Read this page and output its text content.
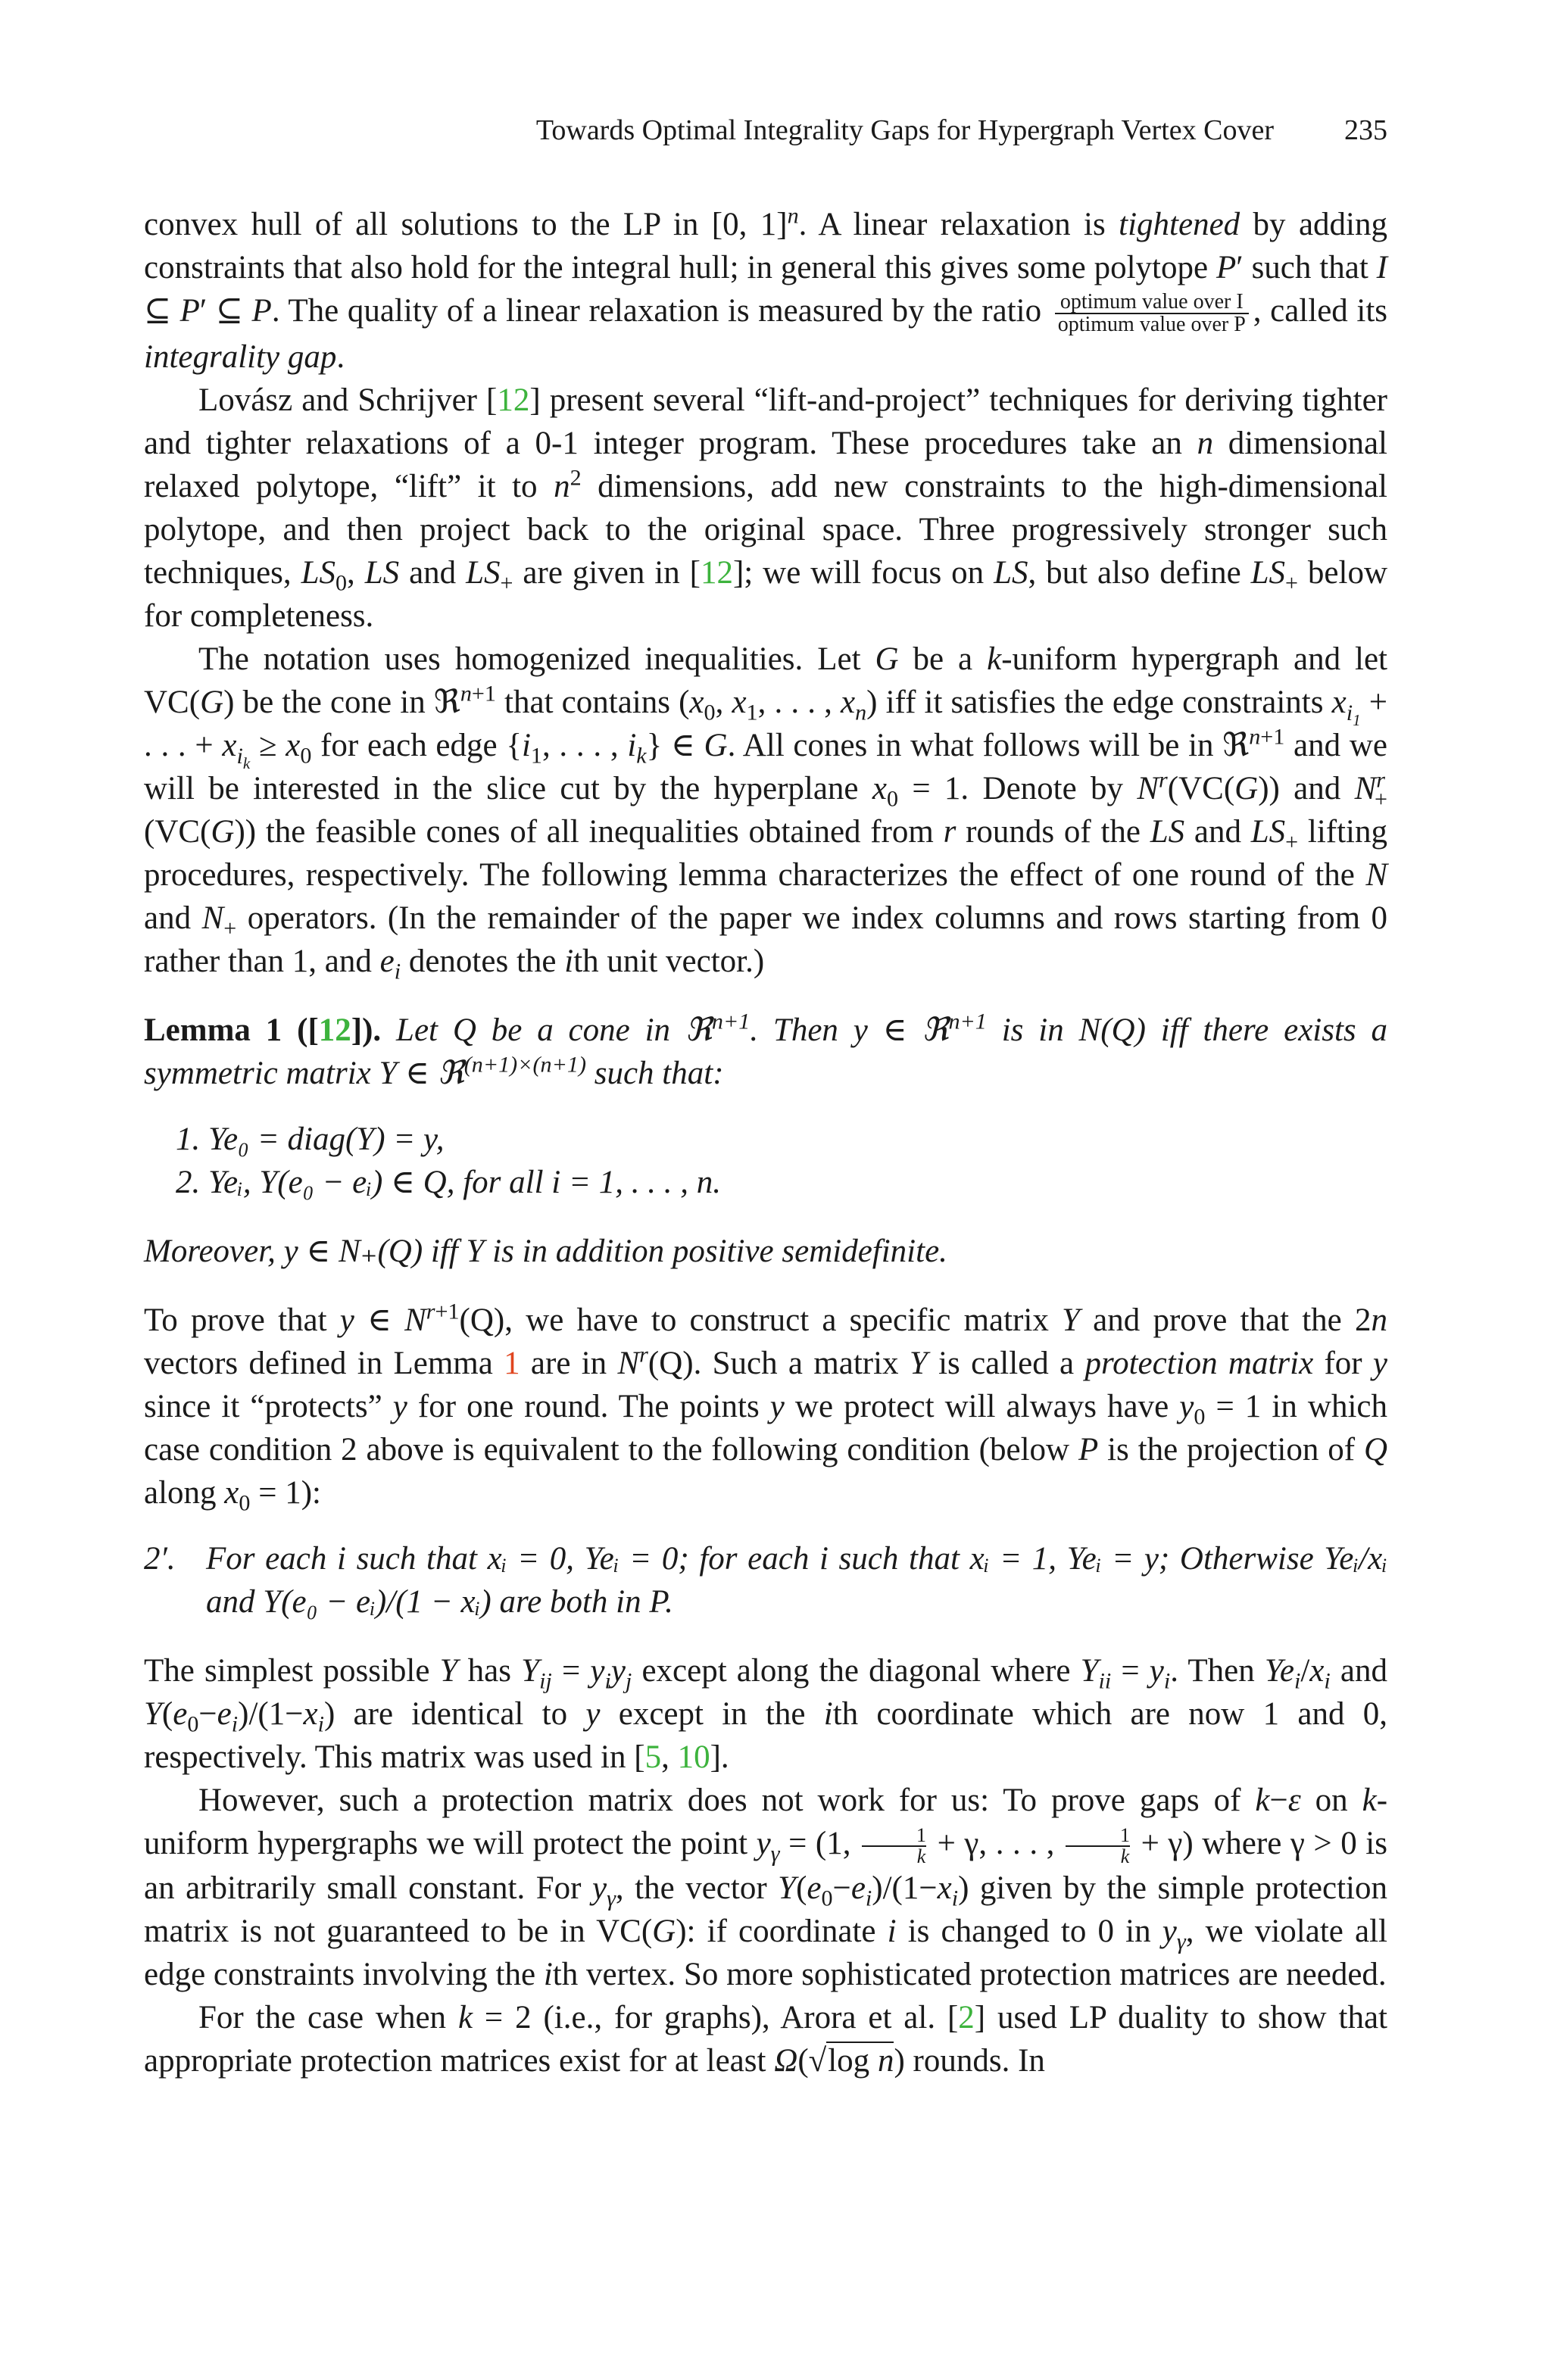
Towards Optimal Integrality Gaps for Hypergraph Vertex Cover 235

convex hull of all solutions to the LP in [0, 1]$^n$. A linear relaxation is tightened by adding constraints that also hold for the integral hull; in general this gives some polytope P′ such that I ⊆ P′ ⊆ P. The quality of a linear relaxation is measured by the ratio $\frac{\text{optimum value over I}}{\text{optimum value over P}}$ , called its integrality gap.

Lovász and Schrijver [12] present several “lift-and-project” techniques for deriving tighter and tighter relaxations of a 0-1 integer program. These procedures take an n dimensional relaxed polytope, “lift” it to $n^2$ dimensions, add new constraints to the high-dimensional polytope, and then project back to the original space. Three progressively stronger such techniques, $LS_0$, LS and $LS_+$ are given in [12]; we will focus on LS, but also define $LS_+$ below for completeness.

The notation uses homogenized inequalities. Let G be a k-uniform hypergraph and let VC(G) be the cone in ℜ$^{n+1}$ that contains ($x_0$, $x_1$, . . . , $x_n$) iff it satisfies the edge constraints $x_{i_1}$ + . . . + $x_{i_k} \ge x_0$ for each edge {$i_1$, . . . , $i_k$} ∈ G. All cones in what follows will be in ℜ$^{n+1}$ and we will be interested in the slice cut by the hyperplane $x_0 = 1$. Denote by $N^r(VC(G))$ and $N^r_+(VC(G))$ the feasible cones of all inequalities obtained from r rounds of the LS and $LS_+$ lifting procedures, respectively. The following lemma characterizes the effect of one round of the N and $N_+$ operators. (In the remainder of the paper we index columns and rows starting from 0 rather than 1, and $e_i$ denotes the ith unit vector.)

Lemma 1 ([12]). Let Q be a cone in ℜ$^{n+1}$. Then y ∈ ℜ$^{n+1}$ is in N(Q) iff there exists a symmetric matrix Y ∈ ℜ$^{(n+1)\times(n+1)}$ such that:

1. Ye₀ = diag(Y) = y,
2. Yeᵢ, Y(e₀ − eᵢ) ∈ Q, for all i = 1, . . . , n.

Moreover, y ∈ N₊(Q) iff Y is in addition positive semidefinite.

To prove that y ∈ $N^{r+1}(Q)$, we have to construct a specific matrix Y and prove that the 2n vectors defined in Lemma 1 are in $N^r(Q)$. Such a matrix Y is called a protection matrix for y since it “protects” y for one round. The points y we protect will always have $y_0 = 1$ in which case condition 2 above is equivalent to the following condition (below P is the projection of Q along $x_0 = 1$):

2′. For each i such that xᵢ = 0, Yeᵢ = 0; for each i such that xᵢ = 1, Yeᵢ = y; Otherwise Yeᵢ/xᵢ and Y(e₀ − eᵢ)/(1 − xᵢ) are both in P.

The simplest possible Y has $Y_{ij} = y_iy_j$ except along the diagonal where $Y_{ii} = y_i$. Then $Ye_i/x_i$ and $Y(e_0-e_i)/(1-x_i)$ are identical to y except in the ith coordinate which are now 1 and 0, respectively. This matrix was used in [5, 10].

However, such a protection matrix does not work for us: To prove gaps of k−ε on k-uniform hypergraphs we will protect the point $y_\gamma = (1$, $\frac{1}{k} + \gamma$, . . . , $\frac{1}{k} + \gamma$) where γ > 0 is an arbitrarily small constant. For $y_\gamma$, the vector $Y(e_0-e_i)/(1-x_i)$ given by the simple protection matrix is not guaranteed to be in VC(G): if coordinate i is changed to 0 in $y_\gamma$, we violate all edge constraints involving the ith vertex. So more sophisticated protection matrices are needed.

For the case when k = 2 (i.e., for graphs), Arora et al. [2] used LP duality to show that appropriate protection matrices exist for at least Ω(√log n) rounds. In
